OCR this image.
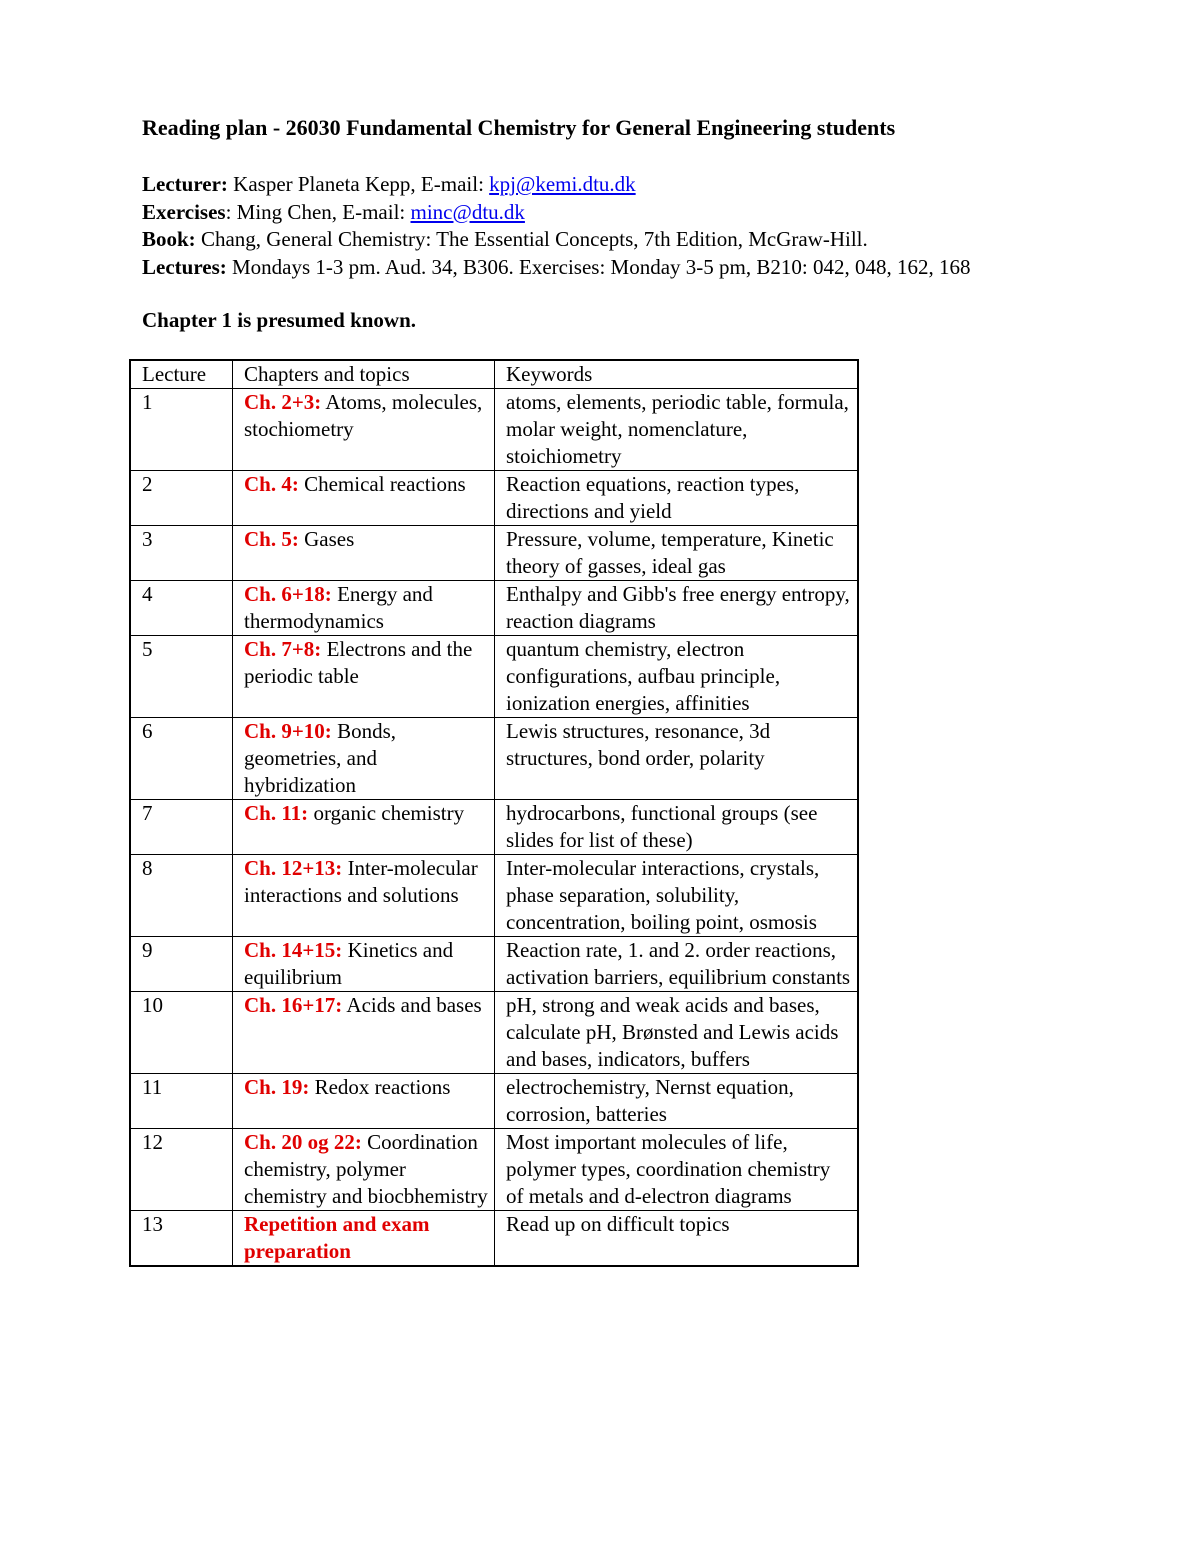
Reading plan - 26030 Fundamental Chemistry for General Engineering students
Lecturer: Kasper Planeta Kepp, E-mail: kpj@kemi.dtu.dk
Exercises: Ming Chen, E-mail: minc@dtu.dk
Book: Chang, General Chemistry: The Essential Concepts, 7th Edition, McGraw-Hill.
Lectures: Mondays 1-3 pm. Aud. 34, B306. Exercises: Monday 3-5 pm, B210: 042, 048, 162, 168
Chapter 1 is presumed known.
Lecture	Chapters and topics	Keywords
1	Ch. 2+3: Atoms, molecules, stochiometry	atoms, elements, periodic table, formula, molar weight, nomenclature, stoichiometry
2	Ch. 4: Chemical reactions	Reaction equations, reaction types, directions and yield
3	Ch. 5: Gases	Pressure, volume, temperature, Kinetic theory of gasses, ideal gas
4	Ch. 6+18: Energy and thermodynamics	Enthalpy and Gibb's free energy entropy, reaction diagrams
5	Ch. 7+8: Electrons and the periodic table	quantum chemistry, electron configurations, aufbau principle, ionization energies, affinities
6	Ch. 9+10: Bonds, geometries, and hybridization	Lewis structures, resonance, 3d structures, bond order, polarity
7	Ch. 11: organic chemistry	hydrocarbons, functional groups (see slides for list of these)
8	Ch. 12+13: Inter-molecular interactions and solutions	Inter-molecular interactions, crystals, phase separation, solubility, concentration, boiling point, osmosis
9	Ch. 14+15: Kinetics and equilibrium	Reaction rate, 1. and 2. order reactions, activation barriers, equilibrium constants
10	Ch. 16+17: Acids and bases	pH, strong and weak acids and bases, calculate pH, Brønsted and Lewis acids and bases, indicators, buffers
11	Ch. 19: Redox reactions	electrochemistry, Nernst equation, corrosion, batteries
12	Ch. 20 og 22: Coordination chemistry, polymer chemistry and biocbhemistry	Most important molecules of life, polymer types, coordination chemistry of metals and d-electron diagrams
13	Repetition and exam preparation	Read up on difficult topics
